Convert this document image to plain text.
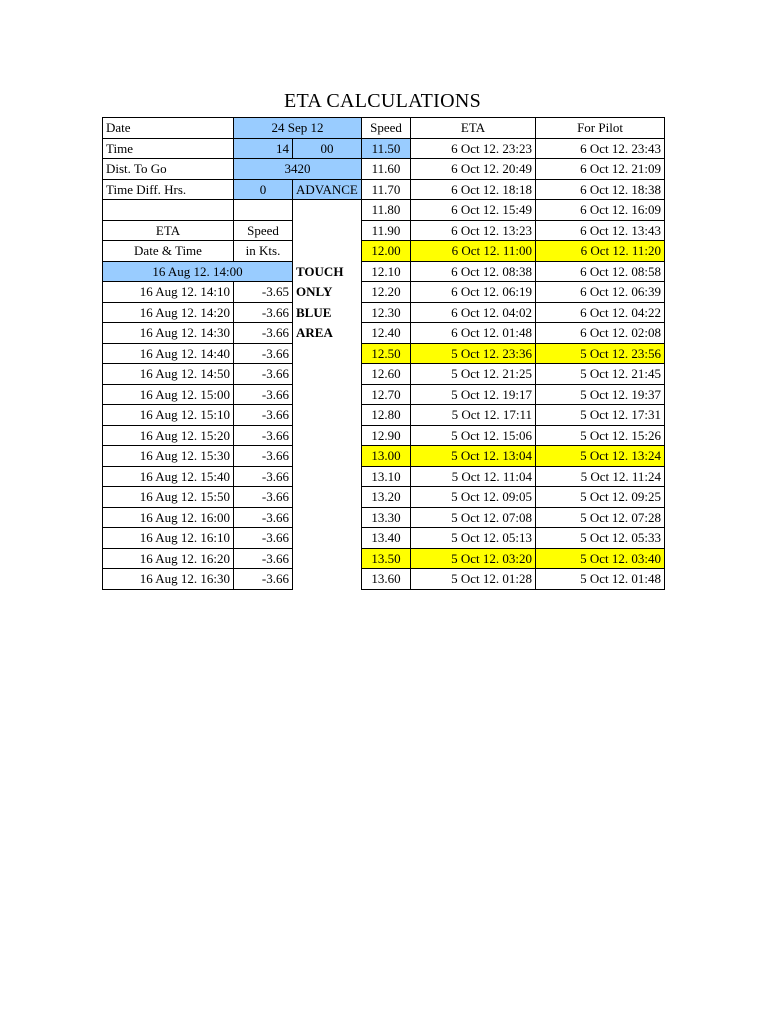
ETA CALCULATIONS
Date	24 Sep 12		Speed	ETA	For Pilot
Time	14	00	11.50	6 Oct 12. 23:23	6 Oct 12. 23:43
Dist. To Go	3420		11.60	6 Oct 12. 20:49	6 Oct 12. 21:09
Time Diff. Hrs.	0	ADVANCE	11.70	6 Oct 12. 18:18	6 Oct 12. 18:38
			11.80	6 Oct 12. 15:49	6 Oct 12. 16:09
ETA	Speed		11.90	6 Oct 12. 13:23	6 Oct 12. 13:43
Date & Time	in Kts.		12.00	6 Oct 12. 11:00	6 Oct 12. 11:20
16 Aug 12. 14:00		TOUCH	12.10	6 Oct 12. 08:38	6 Oct 12. 08:58
16 Aug 12. 14:10	-3.65	ONLY	12.20	6 Oct 12. 06:19	6 Oct 12. 06:39
16 Aug 12. 14:20	-3.66	BLUE	12.30	6 Oct 12. 04:02	6 Oct 12. 04:22
16 Aug 12. 14:30	-3.66	AREA	12.40	6 Oct 12. 01:48	6 Oct 12. 02:08
16 Aug 12. 14:40	-3.66		12.50	5 Oct 12. 23:36	5 Oct 12. 23:56
16 Aug 12. 14:50	-3.66		12.60	5 Oct 12. 21:25	5 Oct 12. 21:45
16 Aug 12. 15:00	-3.66		12.70	5 Oct 12. 19:17	5 Oct 12. 19:37
16 Aug 12. 15:10	-3.66		12.80	5 Oct 12. 17:11	5 Oct 12. 17:31
16 Aug 12. 15:20	-3.66		12.90	5 Oct 12. 15:06	5 Oct 12. 15:26
16 Aug 12. 15:30	-3.66		13.00	5 Oct 12. 13:04	5 Oct 12. 13:24
16 Aug 12. 15:40	-3.66		13.10	5 Oct 12. 11:04	5 Oct 12. 11:24
16 Aug 12. 15:50	-3.66		13.20	5 Oct 12. 09:05	5 Oct 12. 09:25
16 Aug 12. 16:00	-3.66		13.30	5 Oct 12. 07:08	5 Oct 12. 07:28
16 Aug 12. 16:10	-3.66		13.40	5 Oct 12. 05:13	5 Oct 12. 05:33
16 Aug 12. 16:20	-3.66		13.50	5 Oct 12. 03:20	5 Oct 12. 03:40
16 Aug 12. 16:30	-3.66		13.60	5 Oct 12. 01:28	5 Oct 12. 01:48
